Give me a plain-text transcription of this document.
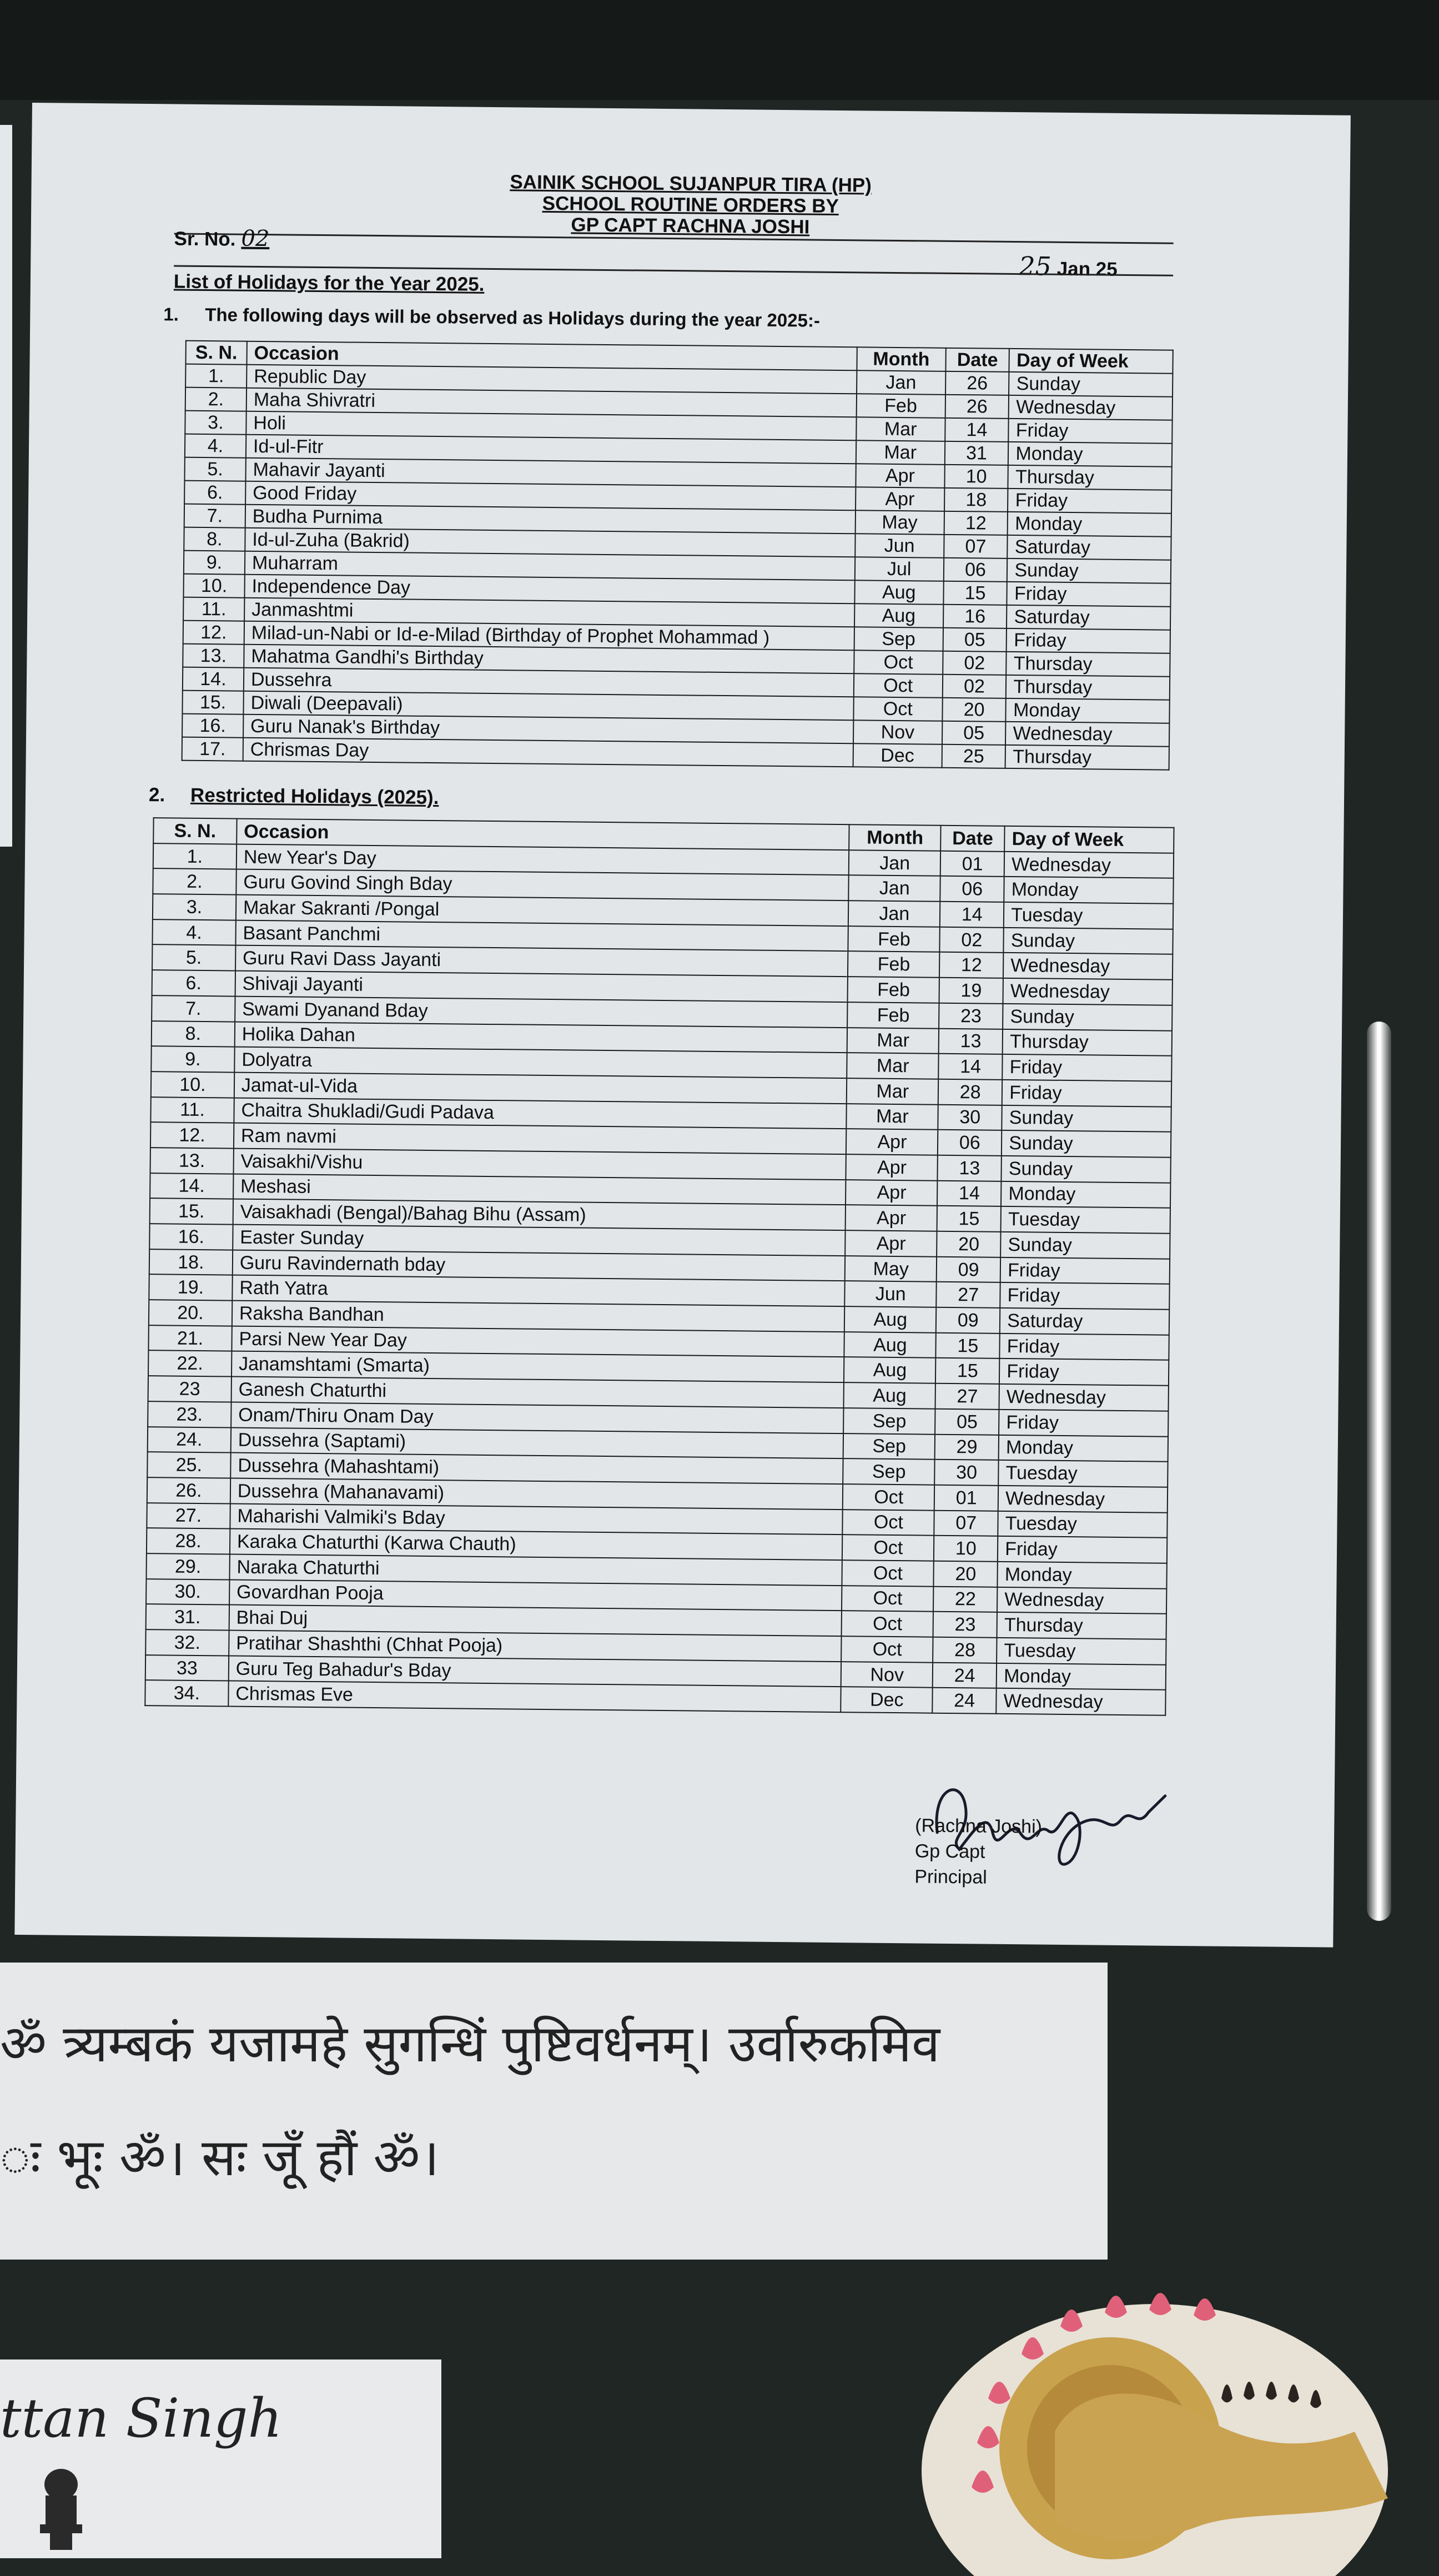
SAINIK SCHOOL SUJANPUR TIRA (HP)
SCHOOL ROUTINE ORDERS BY
GP CAPT RACHNA JOSHI
Sr. No. 02
25 Jan 25
List of Holidays for the Year 2025.
1. The following days will be observed as Holidays during the year 2025:-
S. N.	Occasion	Month	Date	Day of Week
1.	Republic Day	Jan	26	Sunday
2.	Maha Shivratri	Feb	26	Wednesday
3.	Holi	Mar	14	Friday
4.	Id-ul-Fitr	Mar	31	Monday
5.	Mahavir Jayanti	Apr	10	Thursday
6.	Good Friday	Apr	18	Friday
7.	Budha Purnima	May	12	Monday
8.	Id-ul-Zuha (Bakrid)	Jun	07	Saturday
9.	Muharram	Jul	06	Sunday
10.	Independence Day	Aug	15	Friday
11.	Janmashtmi	Aug	16	Saturday
12.	Milad-un-Nabi or Id-e-Milad (Birthday of Prophet Mohammad )	Sep	05	Friday
13.	Mahatma Gandhi's Birthday	Oct	02	Thursday
14.	Dussehra	Oct	02	Thursday
15.	Diwali (Deepavali)	Oct	20	Monday
16.	Guru Nanak's Birthday	Nov	05	Wednesday
17.	Chrismas Day	Dec	25	Thursday
2. Restricted Holidays (2025).
S. N.	Occasion	Month	Date	Day of Week
1.	New Year's Day	Jan	01	Wednesday
2.	Guru Govind Singh Bday	Jan	06	Monday
3.	Makar Sakranti /Pongal	Jan	14	Tuesday
4.	Basant Panchmi	Feb	02	Sunday
5.	Guru Ravi Dass Jayanti	Feb	12	Wednesday
6.	Shivaji Jayanti	Feb	19	Wednesday
7.	Swami Dyanand Bday	Feb	23	Sunday
8.	Holika Dahan	Mar	13	Thursday
9.	Dolyatra	Mar	14	Friday
10.	Jamat-ul-Vida	Mar	28	Friday
11.	Chaitra Shukladi/Gudi Padava	Mar	30	Sunday
12.	Ram navmi	Apr	06	Sunday
13.	Vaisakhi/Vishu	Apr	13	Sunday
14.	Meshasi	Apr	14	Monday
15.	Vaisakhadi (Bengal)/Bahag Bihu (Assam)	Apr	15	Tuesday
16.	Easter Sunday	Apr	20	Sunday
18.	Guru Ravindernath bday	May	09	Friday
19.	Rath Yatra	Jun	27	Friday
20.	Raksha Bandhan	Aug	09	Saturday
21.	Parsi New Year Day	Aug	15	Friday
22.	Janamshtami (Smarta)	Aug	15	Friday
23	Ganesh Chaturthi	Aug	27	Wednesday
23.	Onam/Thiru Onam Day	Sep	05	Friday
24.	Dussehra (Saptami)	Sep	29	Monday
25.	Dussehra (Mahashtami)	Sep	30	Tuesday
26.	Dussehra (Mahanavami)	Oct	01	Wednesday
27.	Maharishi Valmiki's Bday	Oct	07	Tuesday
28.	Karaka Chaturthi (Karwa Chauth)	Oct	10	Friday
29.	Naraka Chaturthi	Oct	20	Monday
30.	Govardhan Pooja	Oct	22	Wednesday
31.	Bhai Duj	Oct	23	Thursday
32.	Pratihar Shashthi (Chhat Pooja)	Oct	28	Tuesday
33	Guru Teg Bahadur's Bday	Nov	24	Monday
34.	Chrismas Eve	Dec	24	Wednesday
(Rachna Joshi)
Gp Capt
Principal
ॐ त्र्यम्बकं यजामहे सुगन्धिं पुष्टिवर्धनम्। उर्वारुकमिव
ः भूः ॐ। सः जूँ हौं ॐ।
ttan Singh
